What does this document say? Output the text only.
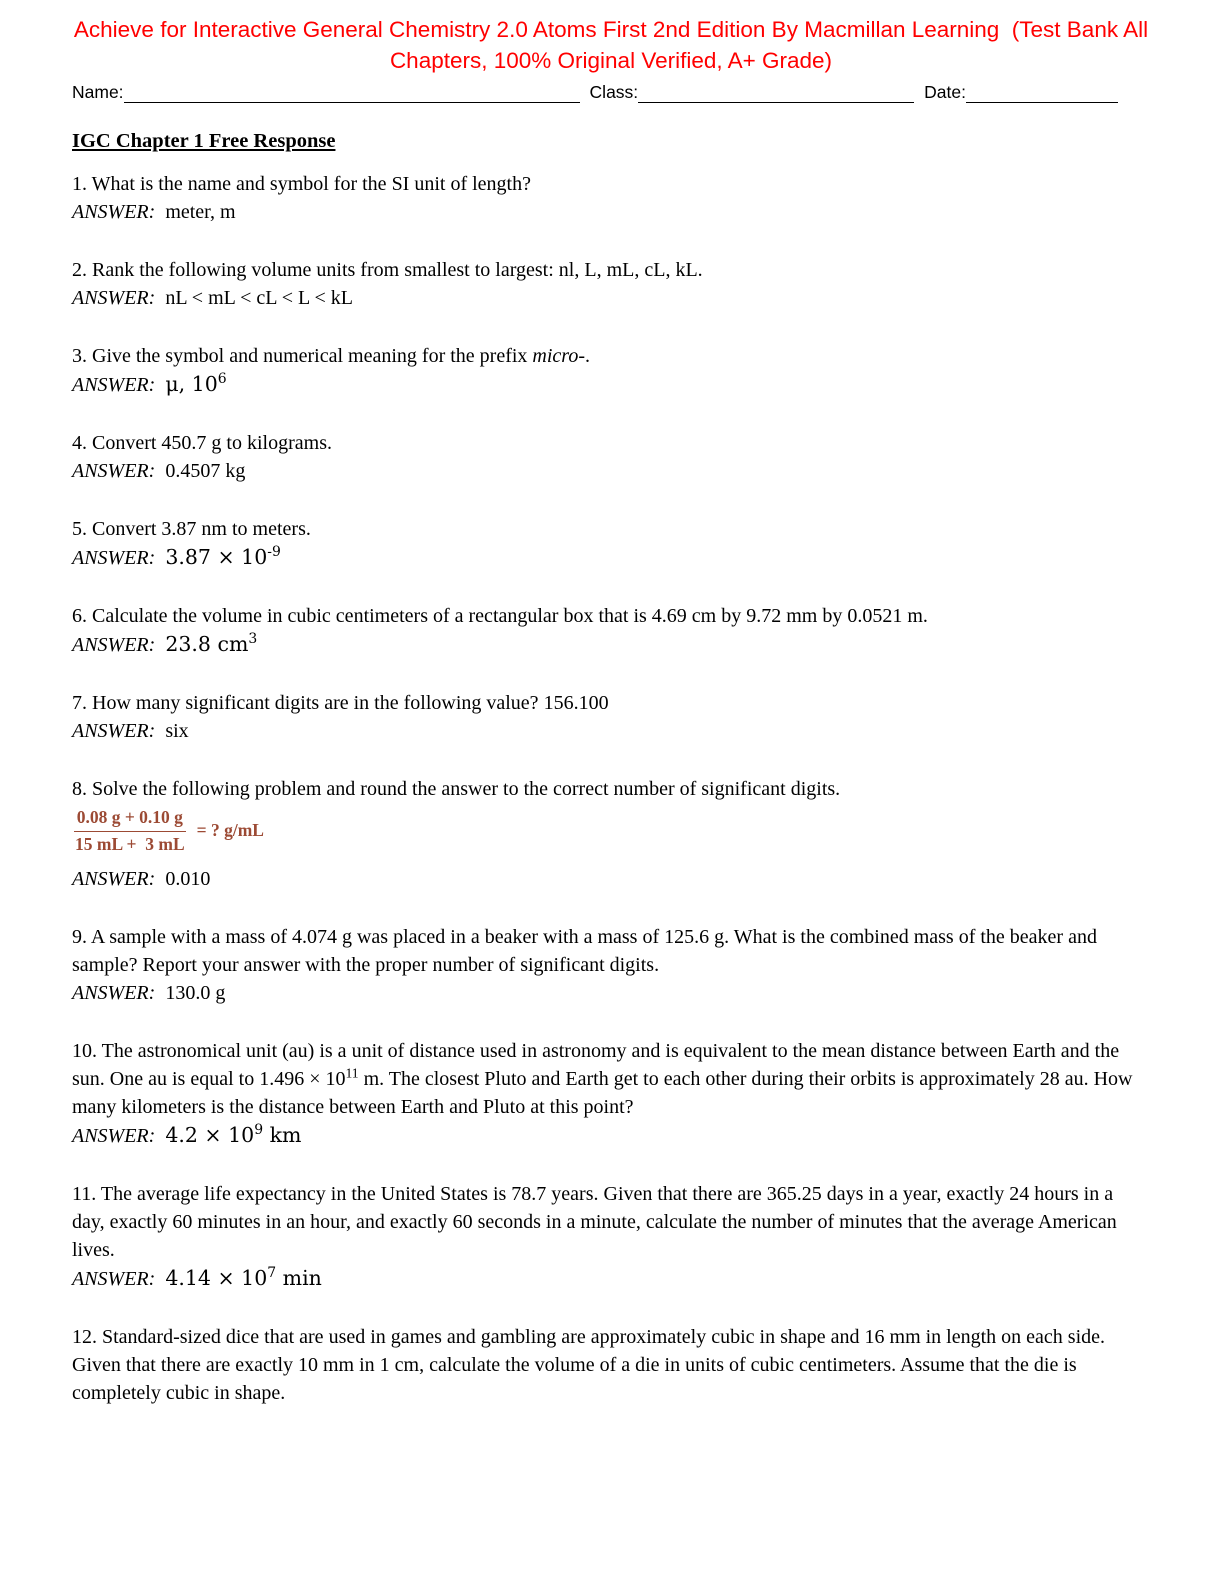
Achieve for Interactive General Chemistry 2.0 Atoms First 2nd Edition By Macmillan Learning  (Test Bank All
Chapters, 100% Original Verified, A+ Grade)
Name:	Class:	Date:
IGC Chapter 1 Free Response

1. What is the name and symbol for the SI unit of length?

ANSWER: meter, m

2. Rank the following volume units from smallest to largest: nl, L, mL, cL, kL.

ANSWER: nL < mL < cL < L < kL

3. Give the symbol and numerical meaning for the prefix micro-.

ANSWER: μ, $10^6$

4. Convert 450.7 g to kilograms.

ANSWER: 0.4507 kg

5. Convert 3.87 nm to meters.

ANSWER: $3.87 \times 10^{-9}$

6. Calculate the volume in cubic centimeters of a rectangular box that is 4.69 cm by 9.72 mm by 0.0521 m.

ANSWER: 23.8 $cm^3$

7. How many significant digits are in the following value? 156.100

ANSWER: six

8. Solve the following problem and round the answer to the correct number of significant digits.

$\frac{0.08 g + 0.10 g}{15 mL + 3 mL}$ = ? g/mL

ANSWER: 0.010

9. A sample with a mass of 4.074 g was placed in a beaker with a mass of 125.6 g. What is the combined mass of the beaker and sample? Report your answer with the proper number of significant digits.

ANSWER: 130.0 g

10. The astronomical unit (au) is a unit of distance used in astronomy and is equivalent to the mean distance between Earth and the sun. One au is equal to $1.496 \times 10^{11}$ m. The closest Pluto and Earth get to each other during their orbits is approximately 28 au. How many kilometers is the distance between Earth and Pluto at this point?

ANSWER: $4.2 \times 10^9$ km

11. The average life expectancy in the United States is 78.7 years. Given that there are 365.25 days in a year, exactly 24 hours in a day, exactly 60 minutes in an hour, and exactly 60 seconds in a minute, calculate the number of minutes that the average American lives.

ANSWER: $4.14 \times 10^7$ min

12. Standard-sized dice that are used in games and gambling are approximately cubic in shape and 16 mm in length on each side. Given that there are exactly 10 mm in 1 cm, calculate the volume of a die in units of cubic centimeters. Assume that the die is completely cubic in shape.
